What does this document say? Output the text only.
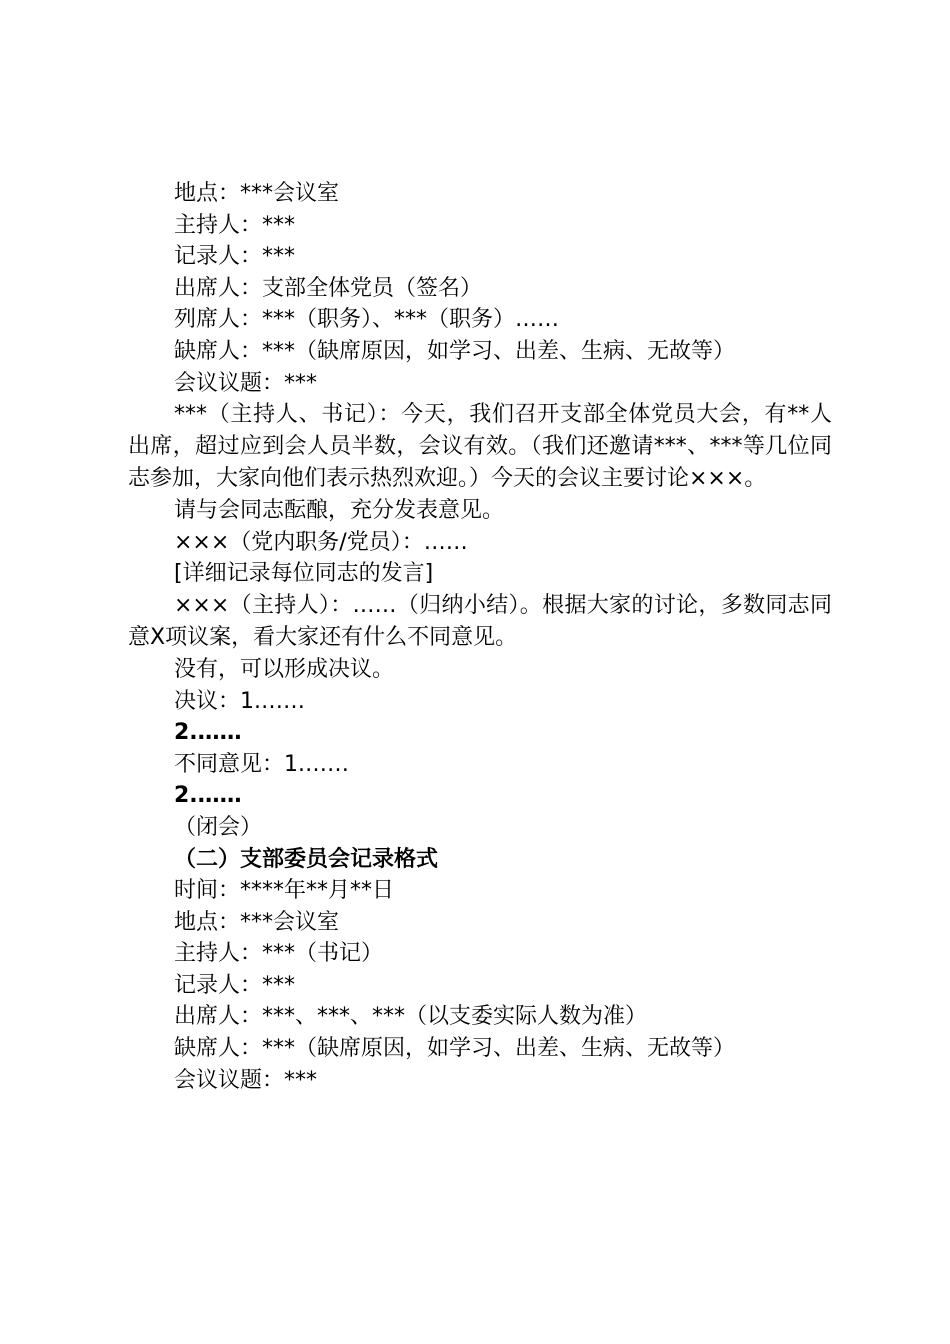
地点：***会议室

主持人：***

记录人：***

出席人：支部全体党员（签名）

列席人：***（职务）、***（职务）……

缺席人：***（缺席原因，如学习、出差、生病、无故等）

会议议题：***

***（主持人、书记）：今天，我们召开支部全体党员大会，有**人出席，超过应到会人员半数，会议有效。（我们还邀请***、***等几位同志参加，大家向他们表示热烈欢迎。）今天的会议主要讨论×××。

请与会同志酝酿，充分发表意见。

×××（党内职务/党员）：……

[详细记录每位同志的发言]

×××（主持人）：……（归纳小结）。根据大家的讨论，多数同志同意Ⅹ项议案，看大家还有什么不同意见。

没有，可以形成决议。

决议：1.……

2.……

不同意见：1.……

2.……

（闭会）

（二）支部委员会记录格式

时间：****年**月**日

地点：***会议室

主持人：***（书记）

记录人：***

出席人：***、***、***（以支委实际人数为准）

缺席人：***（缺席原因，如学习、出差、生病、无故等）

会议议题：***
